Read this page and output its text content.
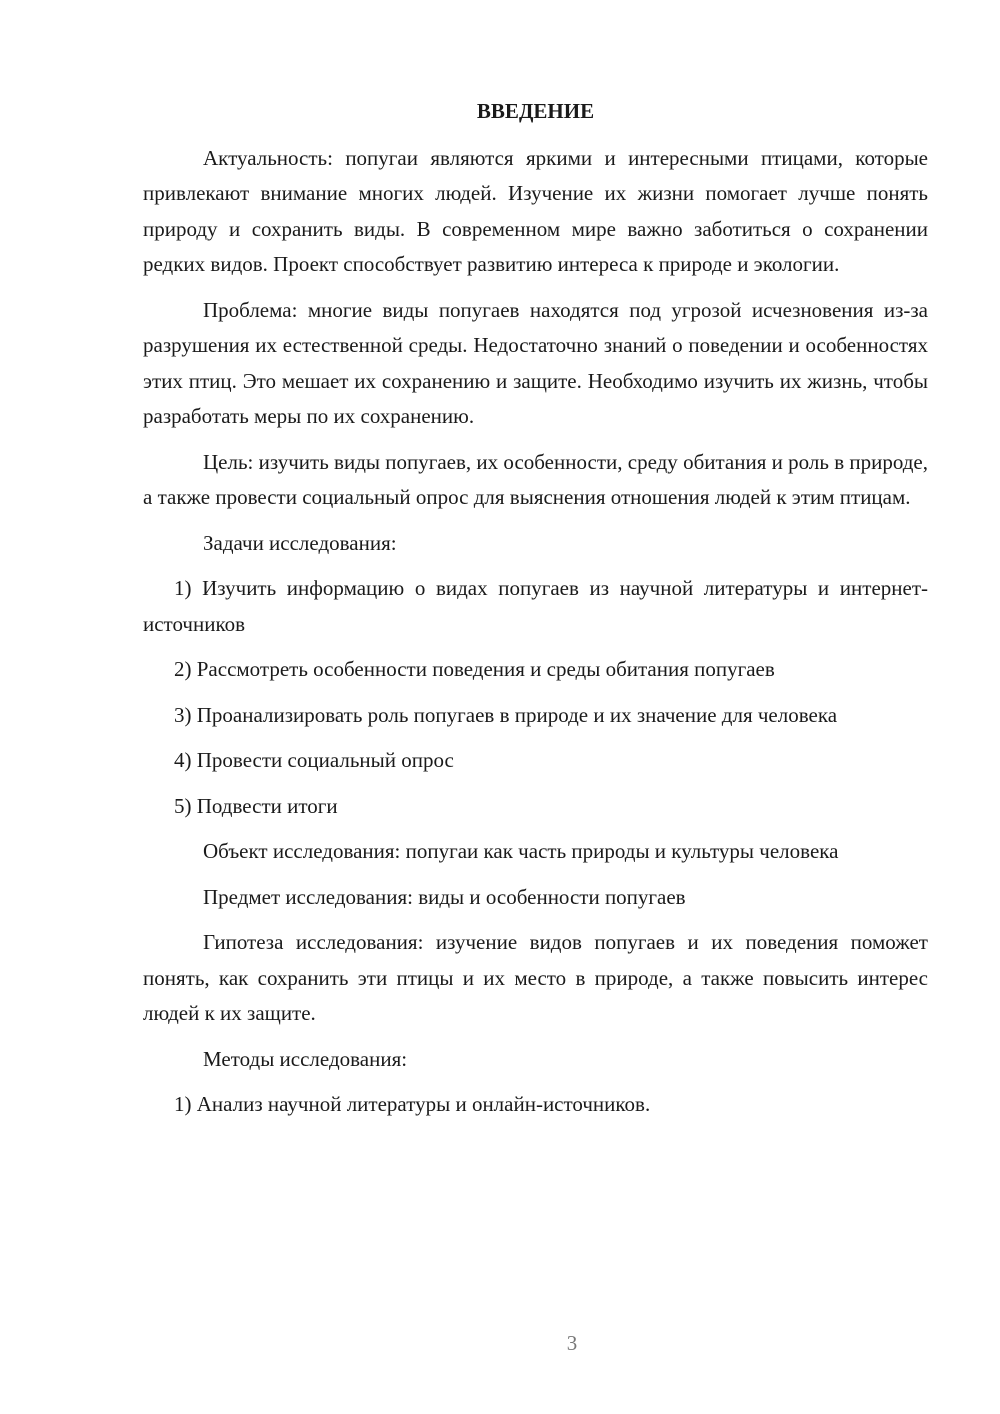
ВВЕДЕНИЕ

Актуальность: попугаи являются яркими и интересными птицами, которые привлекают внимание многих людей. Изучение их жизни помогает лучше понять природу и сохранить виды. В современном мире важно заботиться о сохранении редких видов. Проект способствует развитию интереса к природе и экологии.

Проблема: многие виды попугаев находятся под угрозой исчезновения из-за разрушения их естественной среды. Недостаточно знаний о поведении и особенностях этих птиц. Это мешает их сохранению и защите. Необходимо изучить их жизнь, чтобы разработать меры по их сохранению.

Цель: изучить виды попугаев, их особенности, среду обитания и роль в природе, а также провести социальный опрос для выяснения отношения людей к этим птицам.

Задачи исследования:

1) Изучить информацию о видах попугаев из научной литературы и интернет-источников

2) Рассмотреть особенности поведения и среды обитания попугаев

3) Проанализировать роль попугаев в природе и их значение для человека

4) Провести социальный опрос

5) Подвести итоги

Объект исследования: попугаи как часть природы и культуры человека

Предмет исследования: виды и особенности попугаев

Гипотеза исследования: изучение видов попугаев и их поведения поможет понять, как сохранить эти птицы и их место в природе, а также повысить интерес людей к их защите.

Методы исследования:

1) Анализ научной литературы и онлайн-источников.

3
